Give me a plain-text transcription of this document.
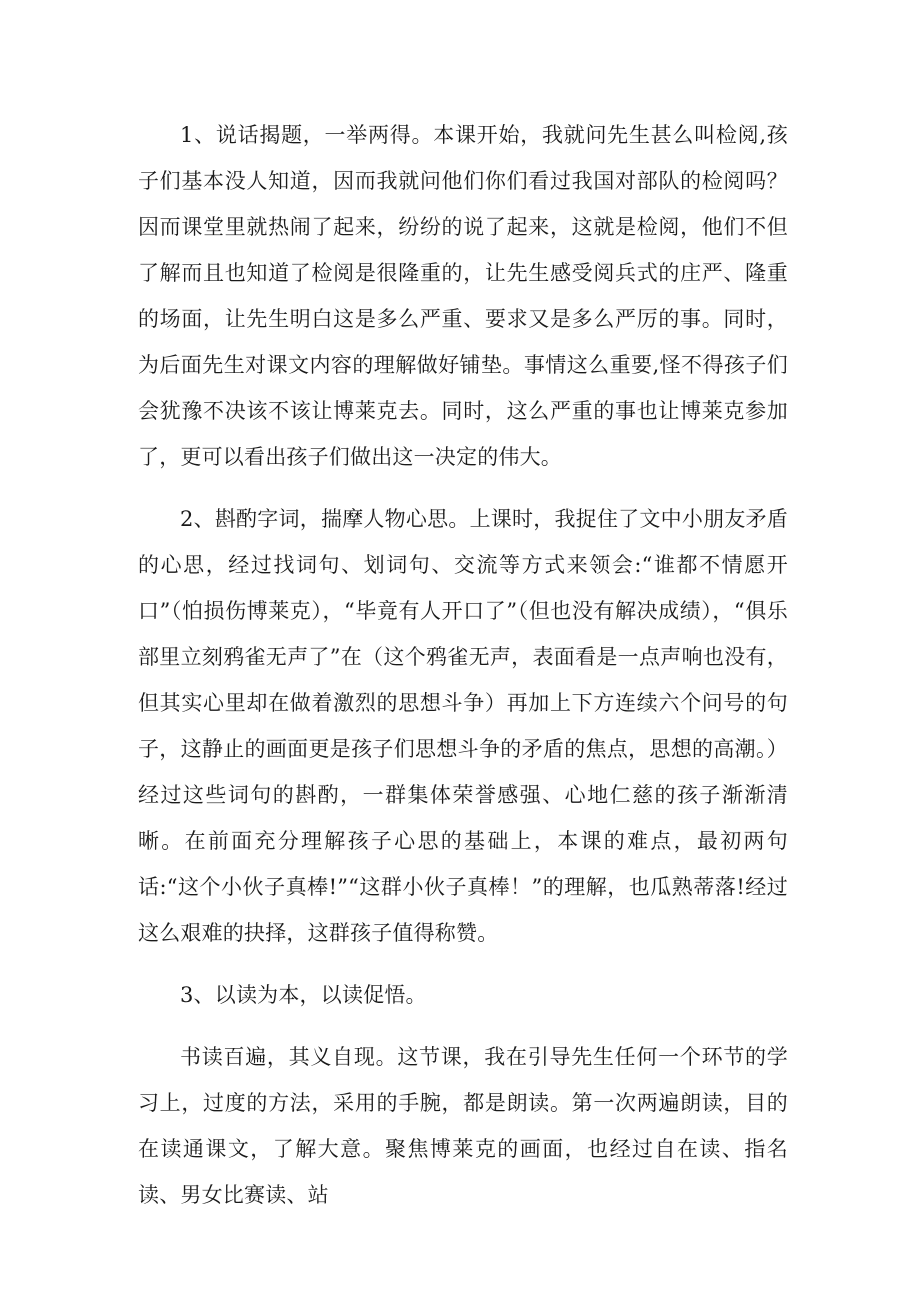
1、说话揭题，一举两得。本课开始，我就问先生甚么叫检阅,孩子们基本没人知道，因而我就问他们你们看过我国对部队的检阅吗？因而课堂里就热闹了起来，纷纷的说了起来，这就是检阅，他们不但了解而且也知道了检阅是很隆重的，让先生感受阅兵式的庄严、隆重的场面，让先生明白这是多么严重、要求又是多么严厉的事。同时，为后面先生对课文内容的理解做好铺垫。事情这么重要,怪不得孩子们会犹豫不决该不该让博莱克去。同时，这么严重的事也让博莱克参加了，更可以看出孩子们做出这一决定的伟大。

2、斟酌字词，揣摩人物心思。上课时，我捉住了文中小朋友矛盾的心思，经过找词句、划词句、交流等方式来领会:“谁都不情愿开口”（怕损伤博莱克），“毕竟有人开口了”（但也没有解决成绩），“俱乐部里立刻鸦雀无声了”在（这个鸦雀无声，表面看是一点声响也没有，但其实心里却在做着激烈的思想斗争）再加上下方连续六个问号的句子，这静止的画面更是孩子们思想斗争的矛盾的焦点，思想的高潮。）经过这些词句的斟酌，一群集体荣誉感强、心地仁慈的孩子渐渐清晰。在前面充分理解孩子心思的基础上，本课的难点，最初两句话:“这个小伙子真棒!”“这群小伙子真棒！”的理解，也瓜熟蒂落!经过这么艰难的抉择，这群孩子值得称赞。

3、以读为本，以读促悟。

书读百遍，其义自现。这节课，我在引导先生任何一个环节的学习上，过度的方法，采用的手腕，都是朗读。第一次两遍朗读，目的在读通课文，了解大意。聚焦博莱克的画面，也经过自在读、指名读、男女比赛读、站
